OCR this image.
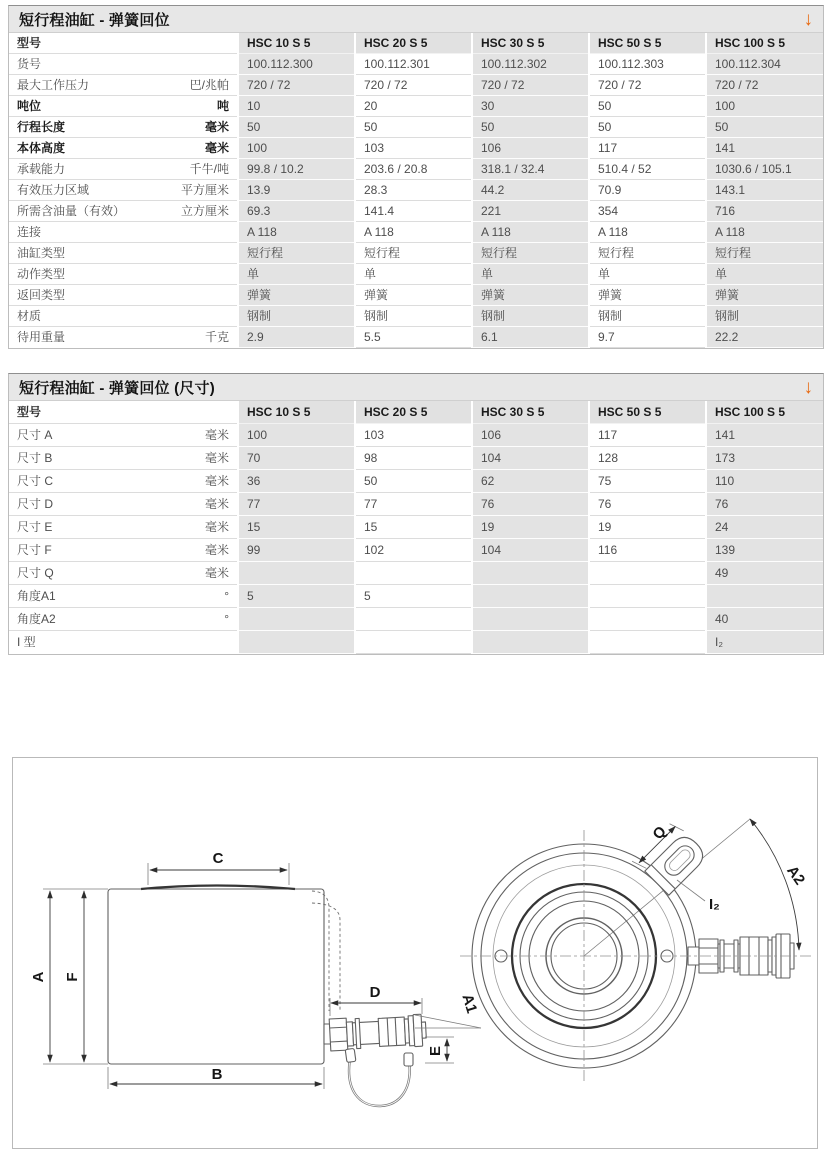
短行程油缸 - 弹簧回位	↓
型号	HSC 10 S 5	HSC 20 S 5	HSC 30 S 5	HSC 50 S 5	HSC 100 S 5

货号	100.112.300	100.112.301	100.112.302	100.112.303	100.112.304

最大工作压力 巴/兆帕	720 / 72	720 / 72	720 / 72	720 / 72	720 / 72

吨位 吨	10	20	30	50	100

行程长度 毫米	50	50	50	50	50

本体高度 毫米	100	103	106	117	141

承载能力 千牛/吨	99.8 / 10.2	203.6 / 20.8	318.1 / 32.4	510.4 / 52	1030.6 / 105.1

有效压力区域 平方厘米	13.9	28.3	44.2	70.9	143.1

所需含油量（有效） 立方厘米	69.3	141.4	221	354	716

连接	A 118	A 118	A 118	A 118	A 118

油缸类型	短行程	短行程	短行程	短行程	短行程

动作类型	单	单	单	单	单

返回类型	弹簧	弹簧	弹簧	弹簧	弹簧

材质	钢制	钢制	钢制	钢制	钢制

待用重量 千克	2.9	5.5	6.1	9.7	22.2
短行程油缸 - 弹簧回位 (尺寸)	↓
型号	HSC 10 S 5	HSC 20 S 5	HSC 30 S 5	HSC 50 S 5	HSC 100 S 5

尺寸 A 毫米	100	103	106	117	141

尺寸 B 毫米	70	98	104	128	173

尺寸 C 毫米	36	50	62	75	110

尺寸 D 毫米	77	77	76	76	76

尺寸 E 毫米	15	15	19	19	24

尺寸 F 毫米	99	102	104	116	139

尺寸 Q 毫米					49

角度A1 °	5	5			

角度A2 °					40

I 型					I₂
A F
C
B
D	A1
E
Q
I₂
A2
